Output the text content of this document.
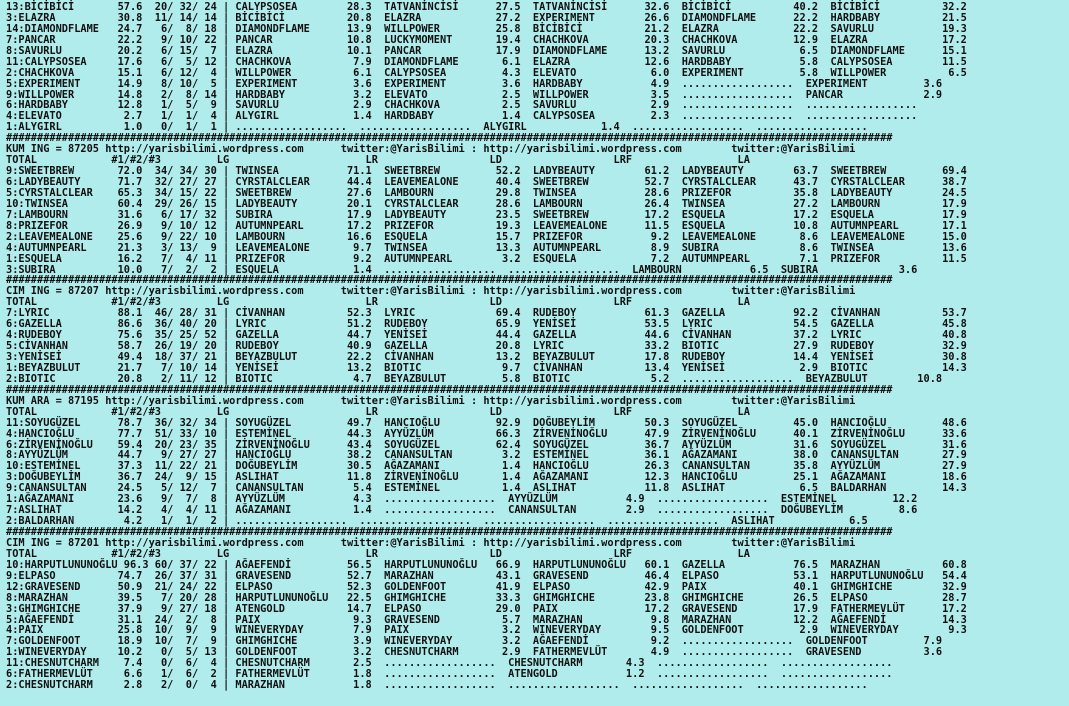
13:BİCİBİCİ       57.6  20/ 32/ 24 | CALYPSOSEA        28.3  TATVANİNCİSİ      27.5  TATVANİNCİSİ      32.6  BİCİBİCİ          40.2  BİCİBİCİ          32.2
3:ELAZRA          30.8  11/ 14/ 14 | BİCİBİCİ          20.8  ELAZRA            27.2  EXPERIMENT        26.6  DIAMONDFLAME      22.2  HARDBABY          21.5
14:DIAMONDFLAME   24.7   6/  8/ 18 | DIAMONDFLAME      13.9  WILLPOWER         25.8  BİCİBİCİ          21.2  ELAZRA            22.2  SAVURLU           19.3
7:PANCAR          22.2   9/ 10/ 22 | PANCAR            10.8  LUCKYMOMENT       19.4  CHACHKOVA         20.3  CHACHKOVA         12.9  ELAZRA            17.2
8:SAVURLU         20.2   6/ 15/  7 | ELAZRA            10.1  PANCAR            17.9  DIAMONDFLAME      13.2  SAVURLU            6.5  DIAMONDFLAME      15.1
11:CALYPSOSEA     17.6   6/  5/ 12 | CHACHKOVA          7.9  DIAMONDFLAME       6.1  ELAZRA            12.6  HARDBABY           5.8  CALYPSOSEA        11.5
2:CHACHKOVA       15.1   6/ 12/  4 | WILLPOWER          6.1  CALYPSOSEA         4.3  ELEVATO            6.0  EXPERIMENT         5.8  WILLPOWER          6.5
5:EXPERIMENT      14.9   8/ 10/  5 | EXPERIMENT         3.6  EXPERIMENT         3.6  HARDBABY           4.9  ..................  EXPERIMENT         3.6
9:WILLPOWER       14.8   2/  8/ 14 | HARDBABY           3.2  ELEVATO            2.5  WILLPOWER          3.5  ..................  PANCAR             2.9
6:HARDBABY        12.8   1/  5/  9 | SAVURLU            2.9  CHACHKOVA          2.5  SAVURLU            2.9  ..................  ..................
4:ELEVATO          2.7   1/  1/  4 | ALYGIRL            1.4  HARDBABY           1.4  CALYPSOSEA         2.3  ..................  ..................
1:ALYGIRL          1.0   0/  1/  1 | ..................  ..................  ALYGIRL            1.4  ..................  ..................
###############################################################################################################################################
KUM ING = 87205 http://yarisbilimi.wordpress.com      twitter:@YarisBilimi : http://yarisbilimi.wordpress.com        twitter:@YarisBilimi
TOTAL            #1/#2/#3         LG                      LR                  LD                  LRF                 LA
9:SWEETBREW       72.0  34/ 34/ 30 | TWINSEA           71.1  SWEETBREW         52.2  LADYBEAUTY        61.2  LADYBEAUTY        63.7  SWEETBREW         69.4
6:LADYBEAUTY      71.7  32/ 27/ 27 | CYRSTALCLEAR      44.4  LEAVEMEALONE      40.4  SWEETBREW         52.7  CYRSTALCLEAR      43.7  CYRSTALCLEAR      38.7
5:CYRSTALCLEAR    65.3  34/ 15/ 22 | SWEETBREW         27.6  LAMBOURN          29.8  TWINSEA           28.6  PRIZEFOR          35.8  LADYBEAUTY        24.5
10:TWINSEA        60.4  29/ 26/ 15 | LADYBEAUTY        20.1  CYRSTALCLEAR      28.6  LAMBOURN          26.4  TWINSEA           27.2  LAMBOURN          17.9
7:LAMBOURN        31.6   6/ 17/ 32 | SUBIRA            17.9  LADYBEAUTY        23.5  SWEETBREW         17.2  ESQUELA           17.2  ESQUELA           17.9
8:PRIZEFOR        26.9   9/ 10/ 12 | AUTUMNPEARL       17.2  PRIZEFOR          19.3  LEAVEMEALONE      11.5  ESQUELA           10.8  AUTUMNPEARL       17.1
2:LEAVEMEALONE    25.6   9/ 22/ 10 | LAMBOURN          16.6  ESQUELA           15.7  PRIZEFOR           9.2  LEAVEMEALONE       8.6  LEAVEMEALONE      15.0
4:AUTUMNPEARL     21.3   3/ 13/  9 | LEAVEMEALONE       9.7  TWINSEA           13.3  AUTUMNPEARL        8.9  SUBIRA             8.6  TWINSEA           13.6
1:ESQUELA         16.2   7/  4/ 11 | PRIZEFOR           9.2  AUTUMNPEARL        3.2  ESQUELA            7.2  AUTUMNPEARL        7.1  PRIZEFOR          11.5
3:SUBIRA          10.0   7/  2/  2 | ESQUELA            1.4  ..................  ..................  LAMBOURN           6.5  SUBIRA             3.6
###############################################################################################################################################
CIM ING = 87207 http://yarisbilimi.wordpress.com      twitter:@YarisBilimi : http://yarisbilimi.wordpress.com        twitter:@YarisBilimi
TOTAL            #1/#2/#3         LG                      LR                  LD                  LRF                 LA
7:LYRIC           88.1  46/ 28/ 31 | CİVANHAN          52.3  LYRIC             69.4  RUDEBOY           61.3  GAZELLA           92.2  CİVANHAN          53.7
6:GAZELLA         86.6  36/ 40/ 20 | LYRIC             51.2  RUDEBOY           65.9  YENİSEİ           53.5  LYRIC             54.5  GAZELLA           45.8
4:RUDEBOY         75.6  35/ 25/ 52 | GAZELLA           44.7  YENİSEİ           44.4  GAZELLA           44.6  CİVANHAN          37.2  LYRIC             40.8
5:CİVANHAN        58.7  26/ 19/ 20 | RUDEBOY           40.9  GAZELLA           20.8  LYRIC             33.2  BIOTIC            27.9  RUDEBOY           32.9
3:YENİSEİ         49.4  18/ 37/ 21 | BEYAZBULUT        22.2  CİVANHAN          13.2  BEYAZBULUT        17.8  RUDEBOY           14.4  YENİSEİ           30.8
1:BEYAZBULUT      21.7   7/ 10/ 14 | YENİSEİ           13.2  BIOTIC             9.7  CİVANHAN          13.4  YENİSEİ            2.9  BIOTIC            14.3
2:BIOTIC          20.8   2/ 11/ 12 | BIOTIC             4.7  BEYAZBULUT         5.8  BIOTIC             5.2  ..................  BEYAZBULUT        10.8
###############################################################################################################################################
KUM ARA = 87195 http://yarisbilimi.wordpress.com      twitter:@YarisBilimi : http://yarisbilimi.wordpress.com        twitter:@YarisBilimi
TOTAL            #1/#2/#3         LG                      LR                  LD                  LRF                 LA
11:SOYUGÜZEL      78.7  36/ 32/ 34 | SOYUGÜZEL         49.7  HANCIOĞLU         92.9  DOĞUBEYLİM        50.3  SOYUGÜZEL         45.0  HANCIOĞLU         48.6
4:HANCIOĞLU       77.7  51/ 33/ 10 | ESTEMİNEL         44.3  AYYÜZLÜM          66.3  ZİRVENİNOĞLU      47.9  ZİRVENİNOĞLU      40.1  ZİRVENİNOĞLU      33.6
6:ZİRVENİNOĞLU    59.4  20/ 23/ 35 | ZİRVENİNOĞLU      43.4  SOYUGÜZEL         62.4  SOYUGÜZEL         36.7  AYYÜZLÜM          31.6  SOYUGÜZEL         31.6
8:AYYÜZLÜM        44.7   9/ 27/ 27 | HANCIOĞLU         38.2  CANANSULTAN        3.2  ESTEMİNEL         36.1  AĞAZAMANI         38.0  CANANSULTAN       27.9
10:ESTEMİNEL      37.3  11/ 22/ 21 | DOĞUBEYLİM        30.5  AĞAZAMANI          1.4  HANCIOĞLU         26.3  CANANSULTAN       35.8  AYYÜZLÜM          27.9
3:DOĞUBEYLİM      36.7  24/  9/ 15 | ASLIHAT           11.8  ZİRVENİNOĞLU       1.4  AĞAZAMANI         12.3  HANCIOĞLU         25.1  AĞAZAMANI         18.6
9:CANANSULTAN     24.5   5/ 12/  7 | CANANSULTAN        5.4  ESTEMİNEL          1.4  ASLIHAT           11.8  ASLIHAT            6.5  BALDARHAN         14.3
1:AĞAZAMANI       23.6   9/  7/  8 | AYYÜZLÜM           4.3  ..................  AYYÜZLÜM           4.9  ..................  ESTEMİNEL         12.2
7:ASLIHAT         14.2   4/  4/ 11 | AĞAZAMANI          1.4  ..................  CANANSULTAN        2.9  ..................  DOĞUBEYLİM         8.6
2:BALDARHAN        4.2   1/  1/  2 | ..................  ..................  ..................  ..................  ASLIHAT            6.5
###############################################################################################################################################
CIM ING = 87201 http://yarisbilimi.wordpress.com      twitter:@YarisBilimi : http://yarisbilimi.wordpress.com        twitter:@YarisBilimi
TOTAL            #1/#2/#3         LG                      LR                  LD                  LRF                 LA
10:HARPUTLUNUNOĞLU 96.3 60/ 37/ 22 | AĞAEFENDİ         56.5  HARPUTLUNUNOĞLU   66.9  HARPUTLUNUNOĞLU   60.1  GAZELLA           76.5  MARAZHAN          60.8
9:ELPASO          74.7  26/ 37/ 31 | GRAVESEND         52.7  MARAZHAN          43.1  GRAVESEND         46.4  ELPASO            53.1  HARPUTLUNUNOĞLU   54.4
12:GRAVESEND      50.9  21/ 24/ 22 | ELPASO            52.3  GOLDENFOOT        41.9  ELPASO            42.9  PAIX              40.1  GHIMGHICHE        32.9
8:MARAZHAN        39.5   7/ 20/ 28 | HARPUTLUNUNOĞLU   22.5  GHIMGHICHE        33.3  GHIMGHICHE        23.8  GHIMGHICHE        26.5  ELPASO            28.7
3:GHIMGHICHE      37.9   9/ 27/ 18 | ATENGOLD          14.7  ELPASO            29.0  PAIX              17.2  GRAVESEND         17.9  FATHERMEVLÜT      17.2
5:AĞAEFENDİ       31.1  24/  2/  8 | PAIX               9.3  GRAVESEND          5.7  MARAZHAN           9.8  MARAZHAN          12.2  AĞAEFENDİ         14.3
4:PAIX            25.8  10/  9/  9 | WINEVERYDAY        7.9  PAIX               3.2  WINEVERYDAY        9.5  GOLDENFOOT         2.9  WINEVERYDAY        9.3
7:GOLDENFOOT      18.9  10/  7/  9 | GHIMGHICHE         3.9  WINEVERYDAY        3.2  AĞAEFENDİ          9.2  ..................  GOLDENFOOT         7.9
1:WINEVERYDAY     10.2   0/  5/ 13 | GOLDENFOOT         3.2  CHESNUTCHARM       2.9  FATHERMEVLÜT       4.9  ..................  GRAVESEND          3.6
11:CHESNUTCHARM    7.4   0/  6/  4 | CHESNUTCHARM       2.5  ..................  CHESNUTCHARM       4.3  ..................  ..................
6:FATHERMEVLÜT     6.6   1/  6/  2 | FATHERMEVLÜT       1.8  ..................  ATENGOLD           1.2  ..................  ..................
2:CHESNUTCHARM     2.8   2/  0/  4 | MARAZHAN           1.8  ..................  ..................  ..................  ..................
